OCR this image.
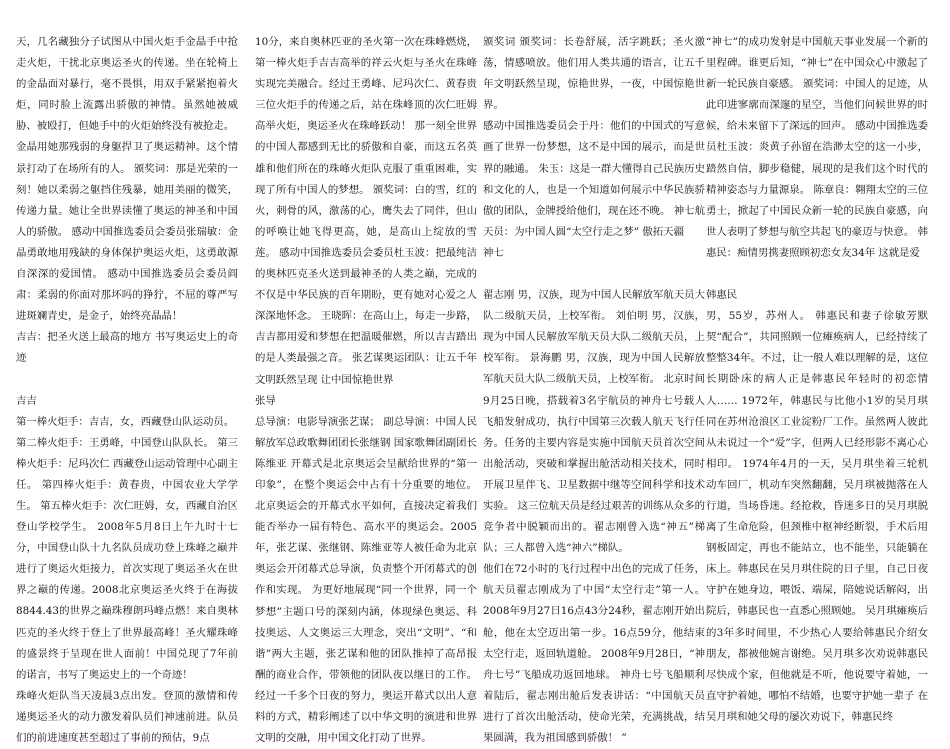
天，几名藏独分子试图从中国火炬手金晶手中抢走火炬，干扰北京奥运圣火的传递。坐在轮椅上的金晶面对暴行，毫不畏惧，用双手紧紧抱着火炬，同时脸上流露出骄傲的神情。虽然她被威胁、被殴打，但她手中的火炬始终没有被抢走。

金晶用她那残弱的身躯捍卫了奥运精神。这个情景打动了在场所有的人。 颁奖词：那是光荣的一刻！她以柔弱之躯挡住残暴，她用美丽的微笑，传递力量。她让全世界读懂了奥运的神圣和中国人的骄傲。 感动中国推选委员会委员张瑞敏：金晶勇敢地用残缺的身体保护奥运火炬，这勇敢源自深深的爱国情。 感动中国推选委员会委员阎肃：柔弱的你面对那坏吗的狰狞，不屈的尊严写进斑斓青史，是金子，始终亮晶晶！

吉吉：把圣火送上最高的地方 书写奥运史上的奇迹

吉吉

第一棒火炬手：吉吉，女，西藏登山队运动员。

第二棒火炬手：王勇峰，中国登山队队长。 第三棒火炬手：尼玛次仁 西藏登山运动管理中心副主任。 第四棒火炬手：黄春贵，中国农业大学学生。 第五棒火炬手：次仁旺姆，女，西藏自治区登山学校学生。 2008年5月8日上午九时十七分，中国登山队十九名队员成功登上珠峰之巅并进行了奥运火炬接力，首次实现了奥运圣火在世界之巅的传递。2008北京奥运圣火终于在海拔8844.43的世界之巅珠穆朗玛峰点燃！来自奥林匹克的圣火终于登上了世界最高峰！圣火耀珠峰的盛景终于呈现在世人面前！中国兑现了7年前的诺言，书写了奥运史上的一个奇迹！

珠峰火炬队当天凌晨3点出发。登顶的激情和传递奥运圣火的动力激发着队员们神速前进。队员们的前进速度甚至超过了事前的预估，9点

10分，来自奥林匹亚的圣火第一次在珠峰燃烧，第一棒火炬手吉吉高举的祥云火炬与圣火在珠峰实现完美融合。经过王勇峰、尼玛次仁、黄春贵三位火炬手的传递之后，站在珠峰顶的次仁旺姆高举火炬，奥运圣火在珠峰跃动！ 那一刻全世界的中国人都感到无比的骄傲和自豪，而这五名英雄和他们所在的珠峰火炬队克服了重重困难，实现了所有中国人的梦想。 颁奖词：白的雪，红的火，刺骨的风，激荡的心，鹰失去了同伴，但山的呼唤让她飞得更高，她，是高山上绽放的雪莲。 感动中国推选委员会委员杜玉波：把最纯洁的奥林匹克圣火送到最神圣的人类之巅，完成的不仅是中华民族的百年期盼，更有她对心爱之人深深地怀念。 王晓晖：在高山上，每走一步路，吉吉都用爱和梦想在把温暖催燃，所以吉吉踏出的是人类最强之音。 张艺谋奥运团队：让五千年文明跃然呈现 让中国惊艳世界

张导

总导演：电影导演张艺谋； 副总导演：中国人民解放军总政歌舞团团长张继钢 国家歌舞团副团长陈维亚 开幕式是北京奥运会呈献给世界的“第一印象”，在整个奥运会中占有十分重要的地位。北京奥运会的开幕式水平如何，直接决定着我们能否举办一届有特色、高水平的奥运会。2005年，张艺谋、张继钢、陈维亚等人被任命为北京奥运会开闭幕式总导演，负责整个开闭幕式的创作和实现。 为更好地展现“同一个世界，同一个梦想”主题口号的深刻内涵，体现绿色奥运、科技奥运、人文奥运三大理念，突出“文明”、“和谐”两大主题，张艺谋和他的团队推掉了高昂报酬的商业合作，带领他的团队夜以继日的工作。经过一千多个日夜的努力，奥运开幕式以出人意料的方式，精彩阐述了以中华文明的演进和世界文明的交融，用中国文化打动了世界。

颁奖词 颁奖词：长卷舒展，活字跳跃；圣火激荡，情感喷放。他们用人类共通的语言，让五千年文明跃然呈现，惊艳世界，一夜，中国惊艳世界。

感动中国推选委员会于丹：他们的中国式的写意画了世界一份梦想，这不是中国的展示，而是世界的融通。 朱玉：这是一群大懂得自己民族历史和文化的人，也是一个知道如何展示中华民族骄傲的团队，金牌授给他们，现在还不晚。 神七航天员：为中国人圆“太空行走之梦” 傲拓天疆

神七

翟志刚 男，汉族，现为中国人民解放军航天员大队二级航天员，上校军衔。 刘伯明 男，汉族，现为中国人民解放军航天员大队二级航天员，上校军衔。 景海鹏 男，汉族，现为中国人民解放军航天员大队二级航天员，上校军衔。 北京时间9月25日晚，搭载着3名宇航员的神舟七号载人飞船发射成功，执行中国第三次载人航天飞行任务。任务的主要内容是实施中国航天员首次空间出舱活动，突破和掌握出舱活动相关技术，同时开展卫星伴飞、卫星数据中继等空间科学和技术实验。 这三位航天员是经过艰苦的训练从众多的竞争者中脱颖而出的。翟志刚曾入选“神五”梯队；三人都曾入选“神六”梯队。

他们在72小时的飞行过程中出色的完成了任务，航天员翟志刚成为了中国“太空行走”第一人。 2008年9月27日16点43分24秒，翟志刚开始出舱，他在太空迈出第一步。16点59分，他结束太空行走，返回轨道舱。 2008年9月28日，“神舟七号”飞船成功返回地球。 神舟七号飞船顺利着陆后，翟志刚出舱后发表讲话：“中国航天员进行了首次出舱活动，使命光荣，充满挑战，结果圆满，我为祖国感到骄傲！ ”

“神七”的成功发射是中国航天事业发展一个新的里程碑。谁更后知，“神七”在中国众心中激起了新一轮民族自豪感。 颁奖词：中国人的足迹，从此印进寥廓而深邃的星空，当他们问候世界的时候，给未来留下了深远的回声。 感动中国推选委员杜玉波：炎黄子孙留在浩渺太空的这一小步，踏然自信，脚步稳健，展现的是我们这个时代的精神姿态与力量源泉。 陈章良：翱翔太空的三位勇士，掀起了中国民众新一轮的民族自豪感，向世人表明了梦想与航空共起飞的豪迈与快意。 韩惠民：痴情男携妻照顾初恋女友34年 这就是爱

韩惠民

男，55岁，苏州人。 韩惠民和妻子徐敏芳默契“配合”，共同照顾一位瘫痪病人，已经持续了整整34年。不过，让一般人难以理解的是，这位长期卧床的病人正是韩惠民年轻时的初恋情人…… 1972年，韩惠民与比他小1岁的吴月琪同在苏州沧浪区工业淀粉厂工作。虽然两人彼此从未说过一个“爱”字，但两人已经形影不离心心相印。 1974年4月的一天，吴月琪坐着三轮机动车回厂，机动车突然翻翻，吴月琪被抛落在人行道，当场昏迷。经抢救，昏迷多日的吴月琪脱离了生命危险，但颈椎中枢神经断裂，手术后用钢板固定，再也不能站立，也不能坐，只能躺在床上。韩惠民在吴月琪住院的日子里，自己日夜守护在她身边，喂饭、端屎，陪她说话解闷，出院后，韩惠民也一直悉心照顾她。 吴月琪瘫痪后的3年多时间里，不少热心人要给韩惠民介绍女朋友，都被他婉言谢绝。吴月琪多次劝说韩惠民尽快成个家，但他就是不听，他说要守着她，一直守护着她，哪怕不结婚，也要守护她一辈子 在吴月琪和她父母的屡次劝说下，韩惠民终
